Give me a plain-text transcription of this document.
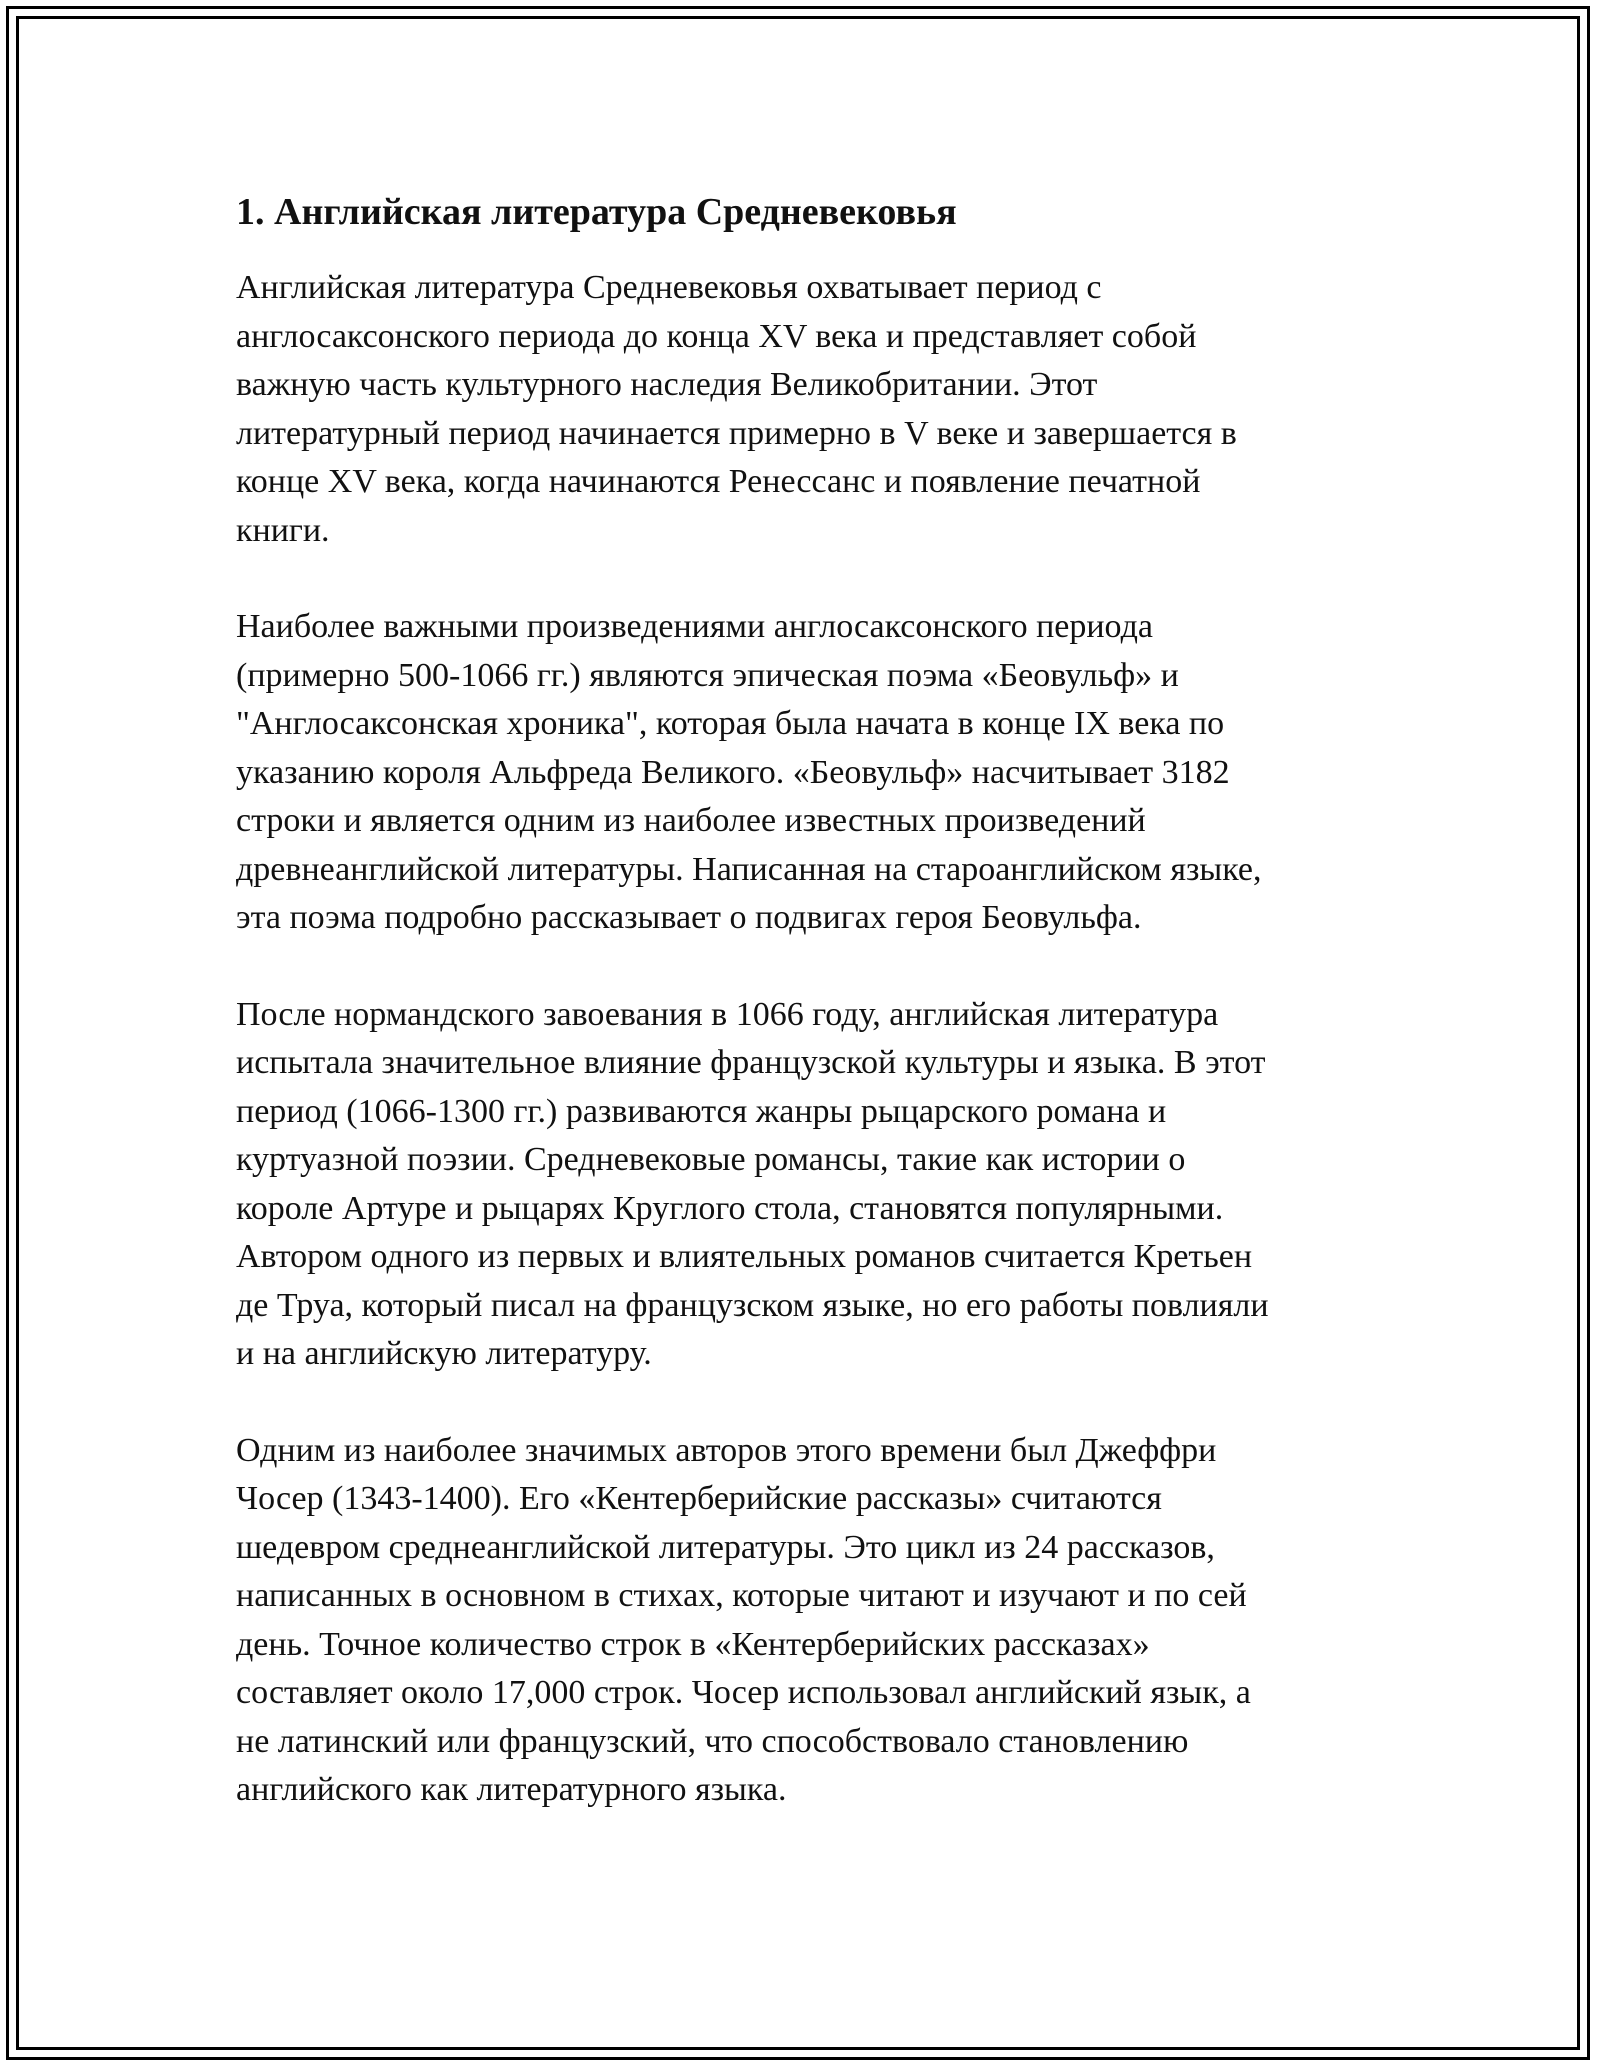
1. Английская литература Средневековья
Английская литература Средневековья охватывает период с
англосаксонского периода до конца XV века и представляет собой
важную часть культурного наследия Великобритании. Этот
литературный период начинается примерно в V веке и завершается в
конце XV века, когда начинаются Ренессанс и появление печатной
книги.
Наиболее важными произведениями англосаксонского периода
(примерно 500-1066 гг.) являются эпическая поэма «Беовульф» и
"Англосаксонская хроника", которая была начата в конце IX века по
указанию короля Альфреда Великого. «Беовульф» насчитывает 3182
строки и является одним из наиболее известных произведений
древнеанглийской литературы. Написанная на староанглийском языке,
эта поэма подробно рассказывает о подвигах героя Беовульфа.
После нормандского завоевания в 1066 году, английская литература
испытала значительное влияние французской культуры и языка. В этот
период (1066-1300 гг.) развиваются жанры рыцарского романа и
куртуазной поэзии. Средневековые романсы, такие как истории о
короле Артуре и рыцарях Круглого стола, становятся популярными.
Автором одного из первых и влиятельных романов считается Кретьен
де Труа, который писал на французском языке, но его работы повлияли
и на английскую литературу.
Одним из наиболее значимых авторов этого времени был Джеффри
Чосер (1343-1400). Его «Кентерберийские рассказы» считаются
шедевром среднеанглийской литературы. Это цикл из 24 рассказов,
написанных в основном в стихах, которые читают и изучают и по сей
день. Точное количество строк в «Кентерберийских рассказах»
составляет около 17,000 строк. Чосер использовал английский язык, а
не латинский или французский, что способствовало становлению
английского как литературного языка.
